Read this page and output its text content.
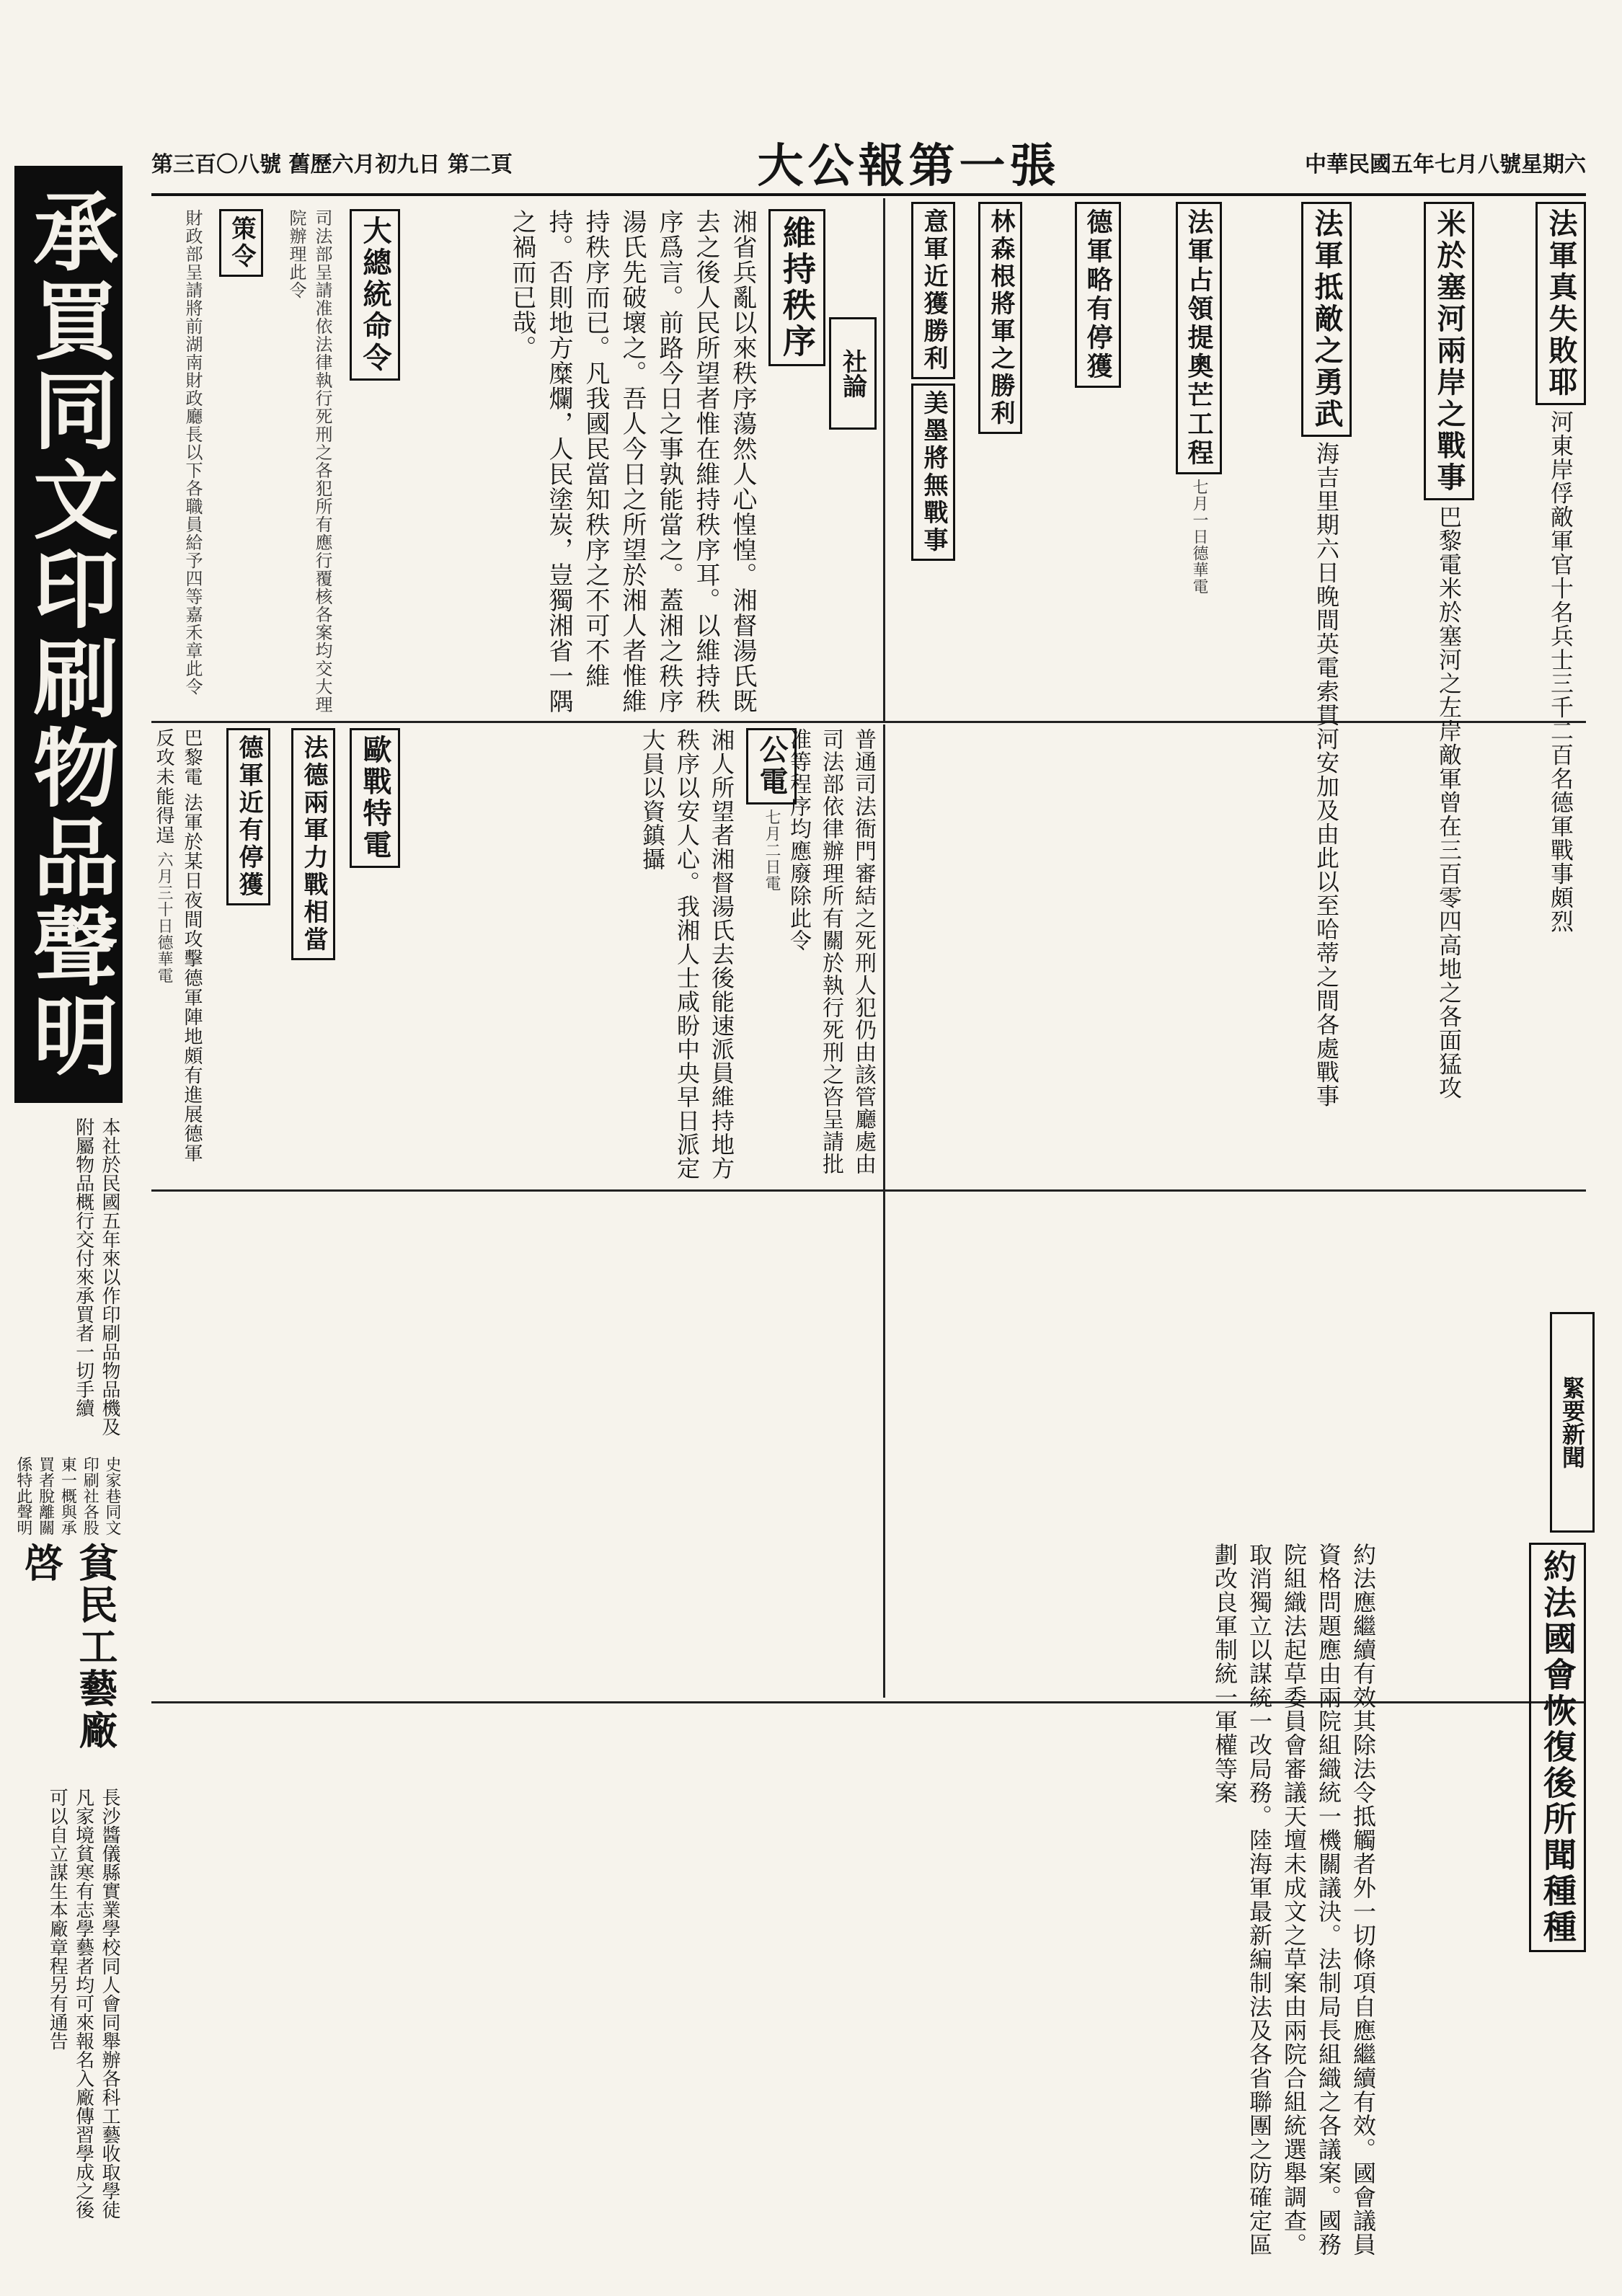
承買同文印刷物品聲明
本社於民國五年來以作印刷品物品機及附屬物品概行交付來承買者一切手續
史家巷同文印刷社各股東一概與承買者脫離關係特此聲明
貧民工藝廠啓
長沙醬儀縣實業學校同人會同舉辦各科工藝收取學徒凡家境貧寒有志學藝者均可來報名入廠傳習學成之後可以自立謀生本廠章程另有通告
中華民國五年七月八號星期六
大公報第一張
第三百〇八號 舊歷六月初九日 第二頁
緊要新聞
約法國會恢復後所聞種種
約法應繼續有效其除法令抵觸者外一切條項自應繼續有效。國會議員資格問題應由兩院組織統一機關議決。法制局長組織之各議案。國務院組織法起草委員會審議天壇未成文之草案由兩院合組統選舉調查。取消獨立以謀統一改局務。陸海軍最新編制法及各省聯團之防確定區劃改良軍制統一軍權等案
法軍真失敗耶 河東岸俘敵軍官十名兵士三千二百名德軍戰事頗烈
米於塞河兩岸之戰事 巴黎電米於塞河之左岸敵軍曾在三百零四高地之各面猛攻
法軍抵敵之勇武 海吉里期六日晚間英電索貫河安加及由此以至哈蒂之間各處戰事
法軍占領提奧芒工程 七月一日德華電
德軍略有停獲
林森根將軍之勝利
意軍近獲勝利 美墨將無戰事
社論
維持秩序
湘省兵亂以來秩序蕩然人心惶惶。湘督湯氏既去之後人民所望者惟在維持秩序耳。以維持秩序爲言。前路今日之事孰能當之。蓋湘之秩序湯氏先破壞之。吾人今日之所望於湘人者惟維持秩序而已。凡我國民當知秩序之不可不維持。否則地方糜爛，人民塗炭，豈獨湘省一隅之禍而已哉。
大總統命令
司法部呈請准依法律執行死刑之各犯所有應行覆核各案均交大理院辦理此令
策令
財政部呈請將前湖南財政廳長以下各職員給予四等嘉禾章此令
普通司法衙門審結之死刑人犯仍由該管廳處由司法部依律辦理所有關於執行死刑之咨呈請批准等程序均應廢除此令
公電 七月二日電
湘人所望者湘督湯氏去後能速派員維持地方秩序以安人心。我湘人士咸盼中央早日派定大員以資鎮攝
歐戰特電
法德兩軍力戰相當
德軍近有停獲
巴黎電 法軍於某日夜間攻擊德軍陣地頗有進展德軍反攻未能得逞 六月三十日德華電
